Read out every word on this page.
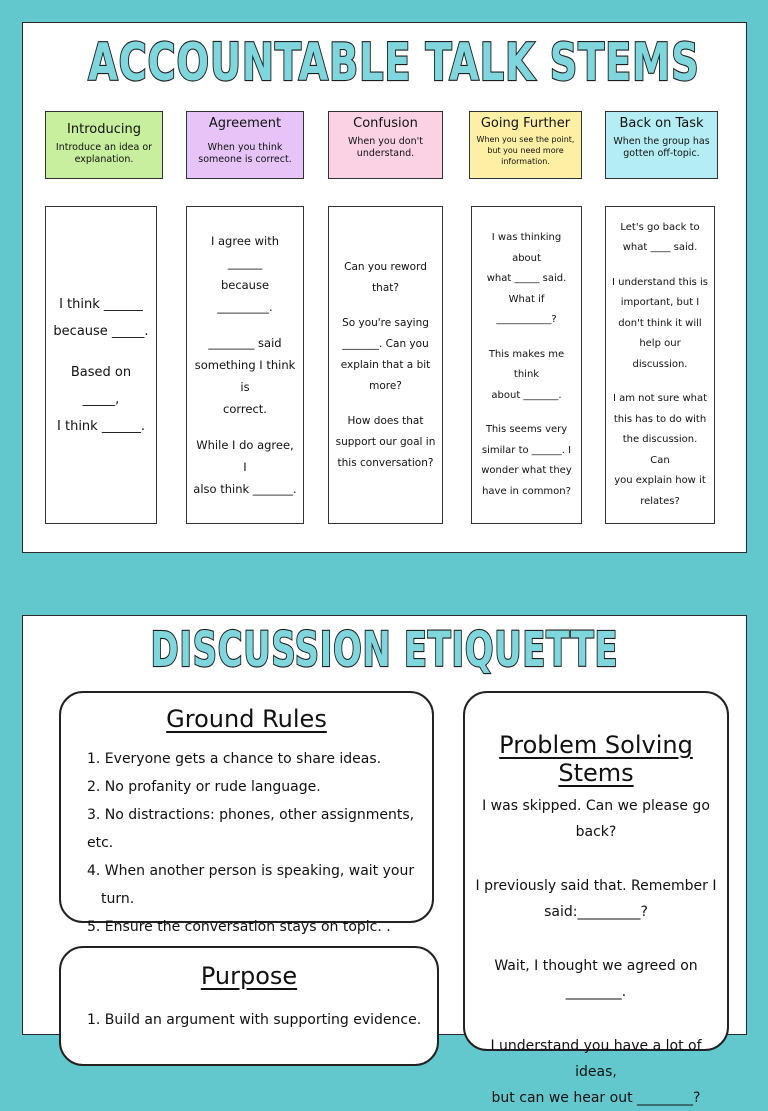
ACCOUNTABLE TALK STEMS
Introducing
Introduce an idea or explanation.
Agreement
When you think someone is correct.
Confusion
When you don't understand.
Going Further
When you see the point, but you need more information.
Back on Task
When the group has gotten off-topic.

I think ______

because _____.

Based on _____,

I think ______.

I agree with ______

because _________.

________ said

something I think is

correct.

While I do agree, I

also think _______.

Can you reword

that?

So you're saying

_______. Can you

explain that a bit

more?

How does that

support our goal in

this conversation?

I was thinking about

what _____ said.

What if ___________?

This makes me think

about _______.

This seems very

similar to ______. I

wonder what they

have in common?

Let's go back to

what ____ said.

I understand this is

important, but I

don't think it will

help our discussion.

I am not sure what

this has to do with

the discussion. Can

you explain how it

relates?

DISCUSSION ETIQUETTE
Ground Rules
1. Everyone gets a chance to share ideas.
2. No profanity or rude language.
3. No distractions: phones, other assignments, etc.
4. When another person is speaking, wait your
turn.
5. Ensure the conversation stays on topic. .
Problem Solving Stems
I was skipped. Can we please go back?
I previously said that. Remember I
said:_________?
Wait, I thought we agreed on ________.
I understand you have a lot of ideas,
but can we hear out ________?
Purpose
1. Build an argument with supporting evidence.
